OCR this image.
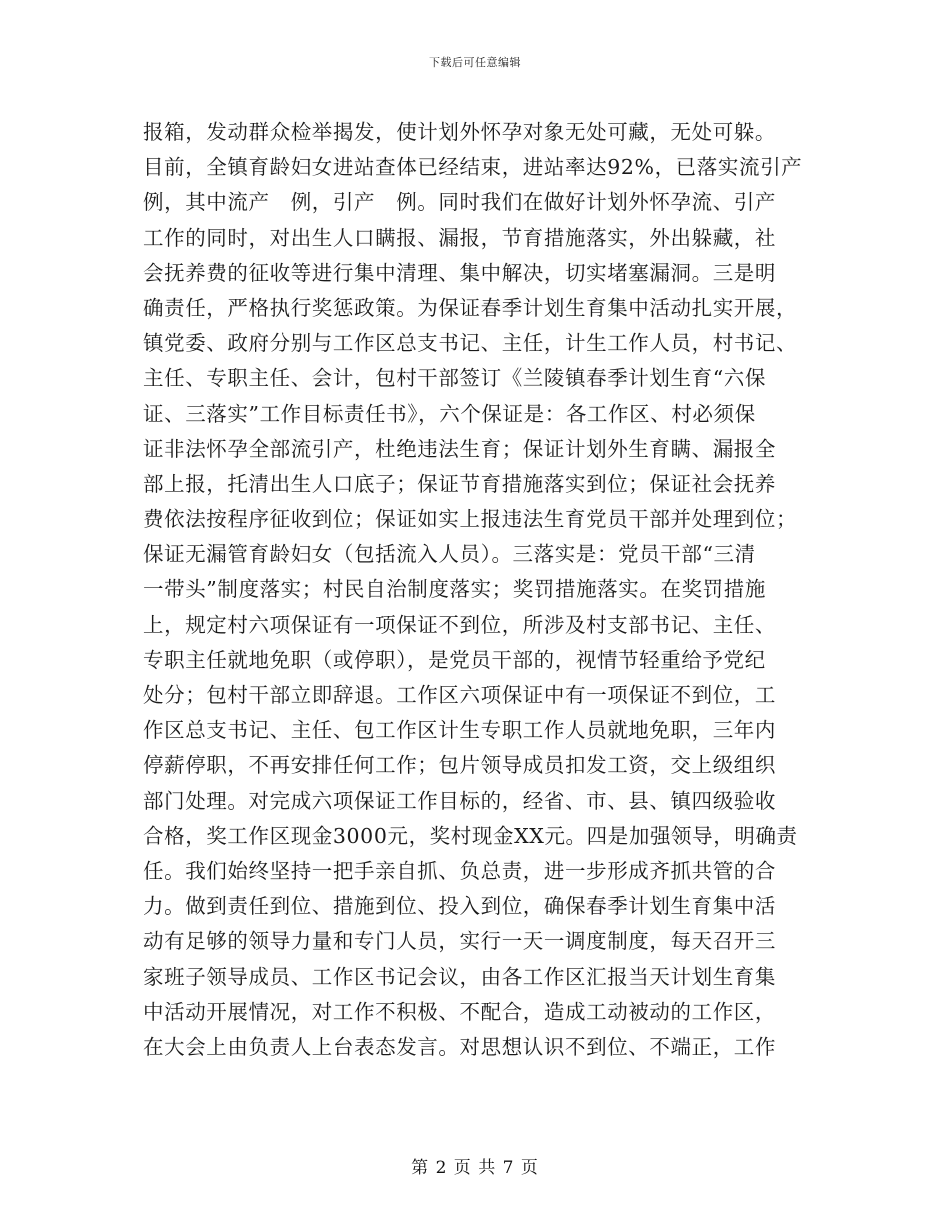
下载后可任意编辑
报箱，发动群众检举揭发，使计划外怀孕对象无处可藏，无处可躲。
目前，全镇育龄妇女进站查体已经结束，进站率达92%，已落实流引产
例，其中流产　例，引产　例。同时我们在做好计划外怀孕流、引产
工作的同时，对出生人口瞒报、漏报，节育措施落实，外出躲藏，社
会抚养费的征收等进行集中清理、集中解决，切实堵塞漏洞。三是明
确责任，严格执行奖惩政策。为保证春季计划生育集中活动扎实开展，
镇党委、政府分别与工作区总支书记、主任，计生工作人员，村书记、
主任、专职主任、会计，包村干部签订《兰陵镇春季计划生育“六保
证、三落实”工作目标责任书》，六个保证是：各工作区、村必须保
证非法怀孕全部流引产，杜绝违法生育；保证计划外生育瞒、漏报全
部上报，托清出生人口底子；保证节育措施落实到位；保证社会抚养
费依法按程序征收到位；保证如实上报违法生育党员干部并处理到位；
保证无漏管育龄妇女（包括流入人员）。三落实是：党员干部“三清
一带头”制度落实；村民自治制度落实；奖罚措施落实。在奖罚措施
上，规定村六项保证有一项保证不到位，所涉及村支部书记、主任、
专职主任就地免职（或停职），是党员干部的，视情节轻重给予党纪
处分；包村干部立即辞退。工作区六项保证中有一项保证不到位，工
作区总支书记、主任、包工作区计生专职工作人员就地免职，三年内
停薪停职，不再安排任何工作；包片领导成员扣发工资，交上级组织
部门处理。对完成六项保证工作目标的，经省、市、县、镇四级验收
合格，奖工作区现金3000元，奖村现金XX元。四是加强领导，明确责
任。我们始终坚持一把手亲自抓、负总责，进一步形成齐抓共管的合
力。做到责任到位、措施到位、投入到位，确保春季计划生育集中活
动有足够的领导力量和专门人员，实行一天一调度制度，每天召开三
家班子领导成员、工作区书记会议，由各工作区汇报当天计划生育集
中活动开展情况，对工作不积极、不配合，造成工动被动的工作区，
在大会上由负责人上台表态发言。对思想认识不到位、不端正，工作
第 2 页 共 7 页
